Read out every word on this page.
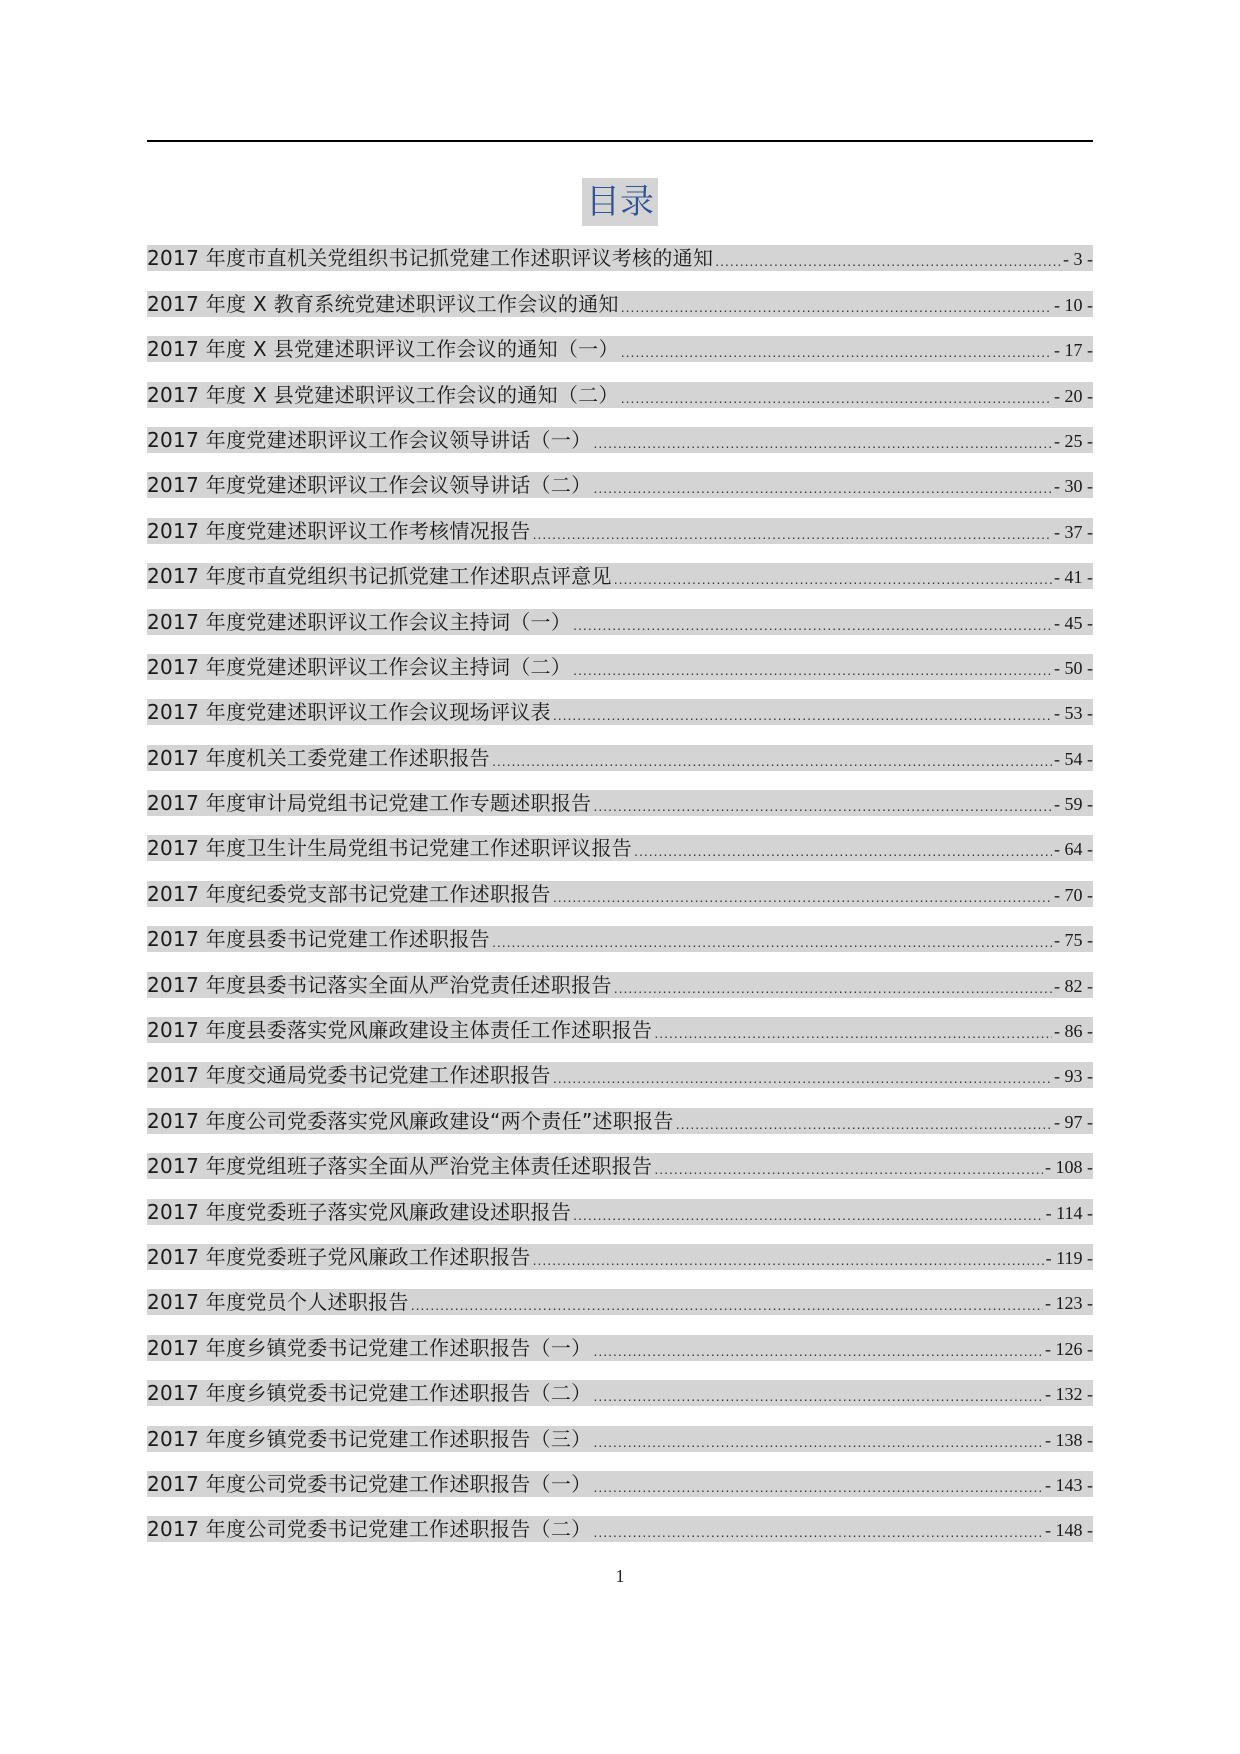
目录
2017 年度市直机关党组织书记抓党建工作述职评议考核的通知 .....	- 3 -
2017 年度 X 教育系统党建述职评议工作会议的通知 .....	- 10 -
2017 年度 X 县党建述职评议工作会议的通知（一） .....	- 17 -
2017 年度 X 县党建述职评议工作会议的通知（二） .....	- 20 -
2017 年度党建述职评议工作会议领导讲话（一） .....	- 25 -
2017 年度党建述职评议工作会议领导讲话（二） .....	- 30 -
2017 年度党建述职评议工作考核情况报告 .....	- 37 -
2017 年度市直党组织书记抓党建工作述职点评意见 .....	- 41 -
2017 年度党建述职评议工作会议主持词（一） .....	- 45 -
2017 年度党建述职评议工作会议主持词（二） .....	- 50 -
2017 年度党建述职评议工作会议现场评议表 .....	- 53 -
2017 年度机关工委党建工作述职报告 .....	- 54 -
2017 年度审计局党组书记党建工作专题述职报告 .....	- 59 -
2017 年度卫生计生局党组书记党建工作述职评议报告 .....	- 64 -
2017 年度纪委党支部书记党建工作述职报告 .....	- 70 -
2017 年度县委书记党建工作述职报告 .....	- 75 -
2017 年度县委书记落实全面从严治党责任述职报告 .....	- 82 -
2017 年度县委落实党风廉政建设主体责任工作述职报告 .....	- 86 -
2017 年度交通局党委书记党建工作述职报告 .....	- 93 -
2017 年度公司党委落实党风廉政建设“两个责任”述职报告 .....	- 97 -
2017 年度党组班子落实全面从严治党主体责任述职报告 .....	- 108 -
2017 年度党委班子落实党风廉政建设述职报告 .....	- 114 -
2017 年度党委班子党风廉政工作述职报告 .....	- 119 -
2017 年度党员个人述职报告 .....	- 123 -
2017 年度乡镇党委书记党建工作述职报告（一） .....	- 126 -
2017 年度乡镇党委书记党建工作述职报告（二） .....	- 132 -
2017 年度乡镇党委书记党建工作述职报告（三） .....	- 138 -
2017 年度公司党委书记党建工作述职报告（一） .....	- 143 -
2017 年度公司党委书记党建工作述职报告（二） .....	- 148 -
1
